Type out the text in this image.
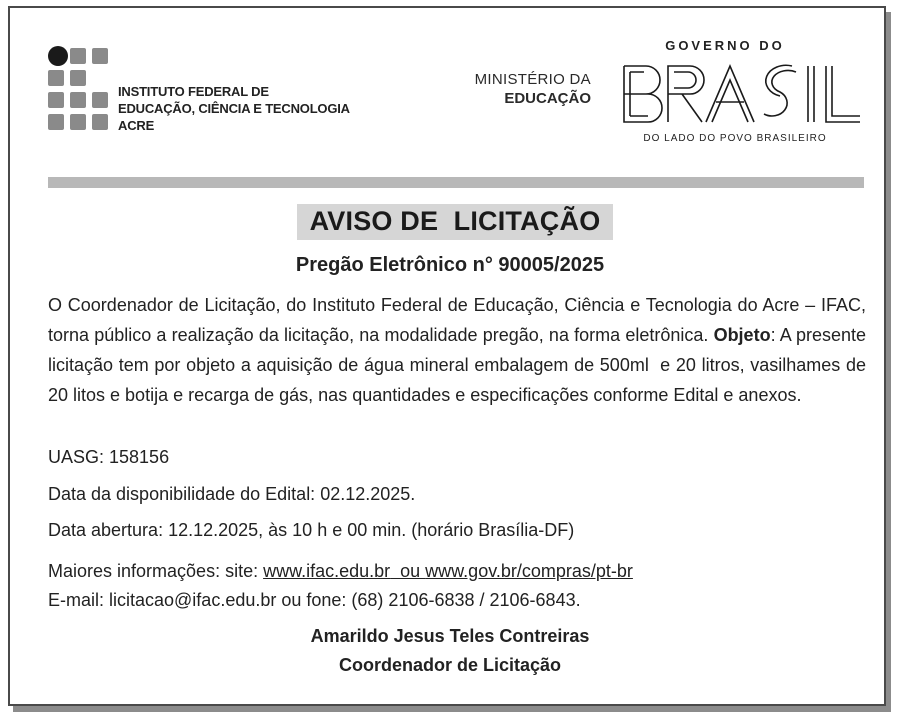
INSTITUTO FEDERAL DE
EDUCAÇÃO, CIÊNCIA E TECNOLOGIA
ACRE
MINISTÉRIO DA
EDUCAÇÃO
GOVERNO DO
DO LADO DO POVO BRASILEIRO
AVISO DE  LICITAÇÃO
Pregão Eletrônico n° 90005/2025
O Coordenador de Licitação, do Instituto Federal de Educação, Ciência e Tecnologia do Acre – IFAC, torna público a realização da licitação, na modalidade pregão, na forma eletrônica. Objeto: A presente licitação tem por objeto a aquisição de água mineral embalagem de 500ml  e 20 litros, vasilhames de 20 litos e botija e recarga de gás, nas quantidades e especificações conforme Edital e anexos.
UASG: 158156
Data da disponibilidade do Edital: 02.12.2025.
Data abertura: 12.12.2025, às 10 h e 00 min. (horário Brasília-DF)
Maiores informações: site: www.ifac.edu.br  ou www.gov.br/compras/pt-br
E-mail: licitacao@ifac.edu.br ou fone: (68) 2106-6838 / 2106-6843.
Amarildo Jesus Teles Contreiras
Coordenador de Licitação
